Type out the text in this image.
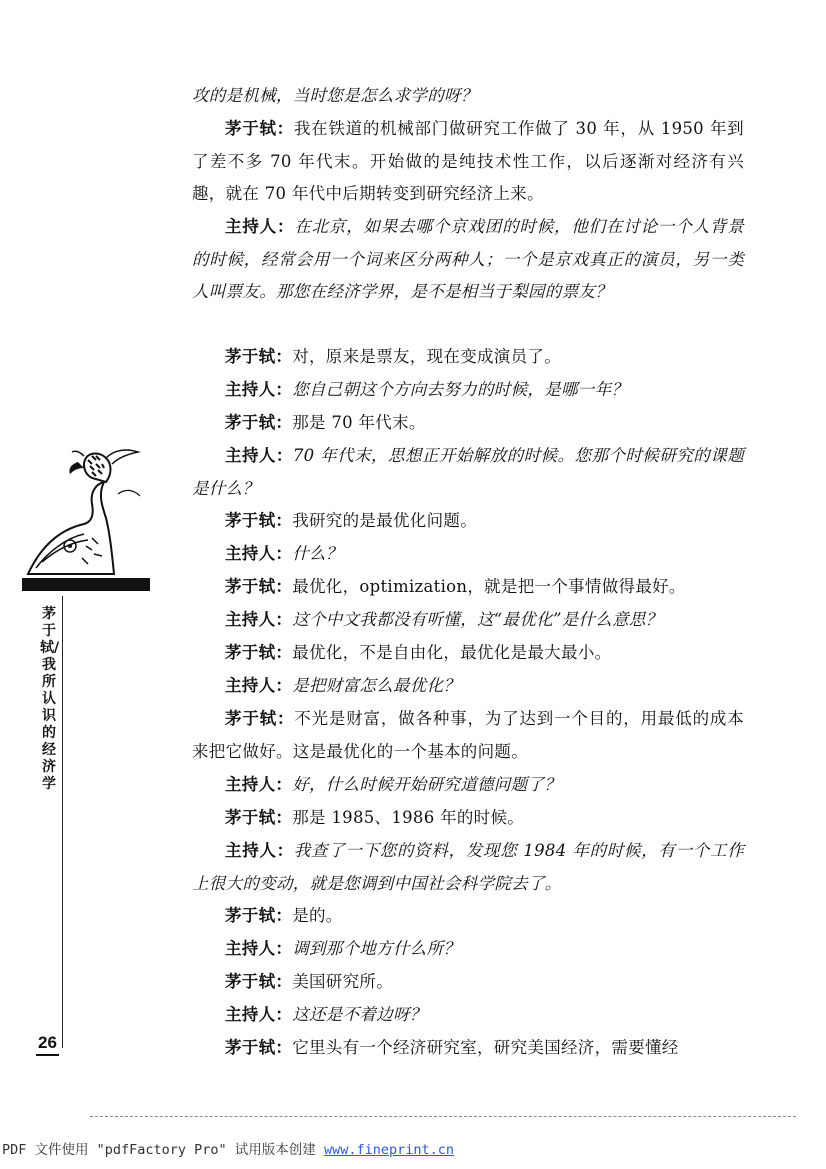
攻的是机械，当时您是怎么求学的呀？

茅于轼：我在铁道的机械部门做研究工作做了 30 年，从 1950 年到了差不多 70 年代末。开始做的是纯技术性工作，以后逐渐对经济有兴趣，就在 70 年代中后期转变到研究经济上来。

主持人：在北京，如果去哪个京戏团的时候，他们在讨论一个人背景的时候，经常会用一个词来区分两种人；一个是京戏真正的演员，另一类人叫票友。那您在经济学界，是不是相当于梨园的票友？

茅于轼：对，原来是票友，现在变成演员了。

主持人：您自己朝这个方向去努力的时候，是哪一年？

茅于轼：那是 70 年代末。

主持人：70 年代末，思想正开始解放的时候。您那个时候研究的课题是什么？

茅于轼：我研究的是最优化问题。

主持人：什么？

茅于轼：最优化，optimization，就是把一个事情做得最好。

主持人：这个中文我都没有听懂，这“最优化”是什么意思？

茅于轼：最优化，不是自由化，最优化是最大最小。

主持人：是把财富怎么最优化？

茅于轼：不光是财富，做各种事，为了达到一个目的，用最低的成本来把它做好。这是最优化的一个基本的问题。

主持人：好，什么时候开始研究道德问题了？

茅于轼：那是 1985、1986 年的时候。

主持人：我查了一下您的资料，发现您 1984 年的时候，有一个工作上很大的变动，就是您调到中国社会科学院去了。

茅于轼：是的。

主持人：调到那个地方什么所？

茅于轼：美国研究所。

主持人：这还是不着边呀？

茅于轼：它里头有一个经济研究室，研究美国经济，需要懂经

茅于轼/我所认识的经济学
26
PDF 文件使用 "pdfFactory Pro" 试用版本创建 www.fineprint.cn
